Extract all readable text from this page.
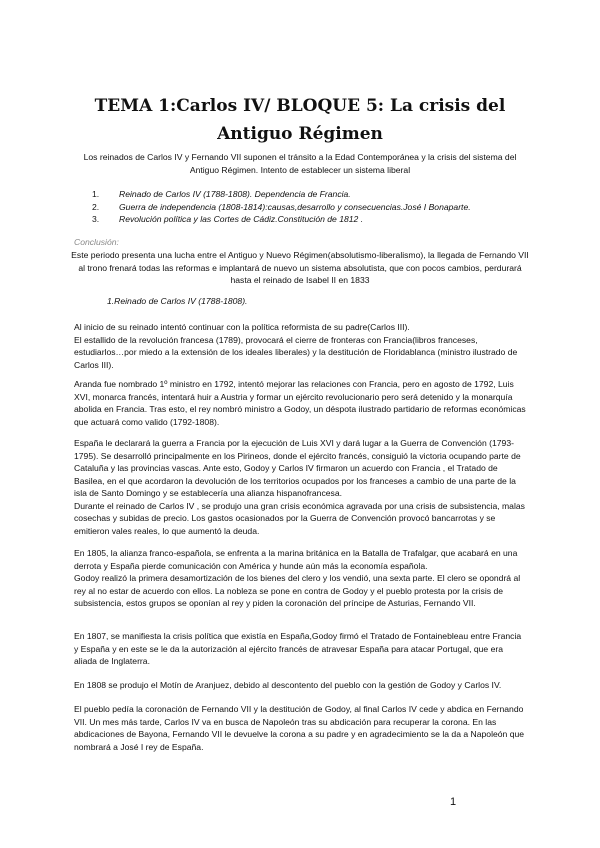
TEMA 1:Carlos IV/ BLOQUE 5: La crisis del Antiguo Régimen
Los reinados de Carlos IV y Fernando VII suponen el tránsito a la Edad Contemporánea y la crisis del sistema del Antiguo Régimen. Intento de establecer un sistema liberal
1. Reinado de Carlos IV (1788-1808). Dependencia de Francia.
2. Guerra de independencia (1808-1814):causas,desarrollo y consecuencias.José I Bonaparte.
3. Revolución política y las Cortes de Cádiz.Constitución de 1812 .
Conclusión:
Este periodo presenta una lucha entre el Antiguo y Nuevo Régimen(absolutismo-liberalismo), la llegada de Fernando VII al trono frenará todas las reformas e implantará de nuevo un sistema absolutista, que con pocos cambios, perdurará hasta el reinado de Isabel II en 1833
1.Reinado de Carlos IV (1788-1808).
Al inicio de su reinado intentó continuar con la política reformista de su padre(Carlos III).
El estallido de la revolución francesa (1789), provocará el cierre de fronteras con Francia(libros franceses, estudiarlos…por miedo a la extensión de los ideales liberales) y la destitución de Floridablanca (ministro ilustrado de Carlos III).
Aranda fue nombrado 1º ministro en 1792, intentó mejorar las relaciones con Francia, pero en agosto de 1792, Luis XVI, monarca francés, intentará huir a Austria y formar un ejército revolucionario pero será detenido y la monarquía abolida en Francia. Tras esto, el rey nombró ministro a Godoy, un déspota ilustrado partidario de reformas económicas que actuará como valido (1792-1808).
España le declarará la guerra a Francia por la ejecución de Luis XVI y dará lugar a la Guerra de Convención (1793-1795). Se desarrolló principalmente en los Pirineos, donde el ejército francés, consiguió la victoria ocupando parte de Cataluña y las provincias vascas. Ante esto, Godoy y Carlos IV firmaron un acuerdo con Francia , el Tratado de Basilea, en el que acordaron la devolución de los territorios ocupados por los franceses a cambio de una parte de la isla de Santo Domingo y se estableceríа una alianza hispanofrancesa.
Durante el reinado de Carlos IV , se produjo una gran crisis económica agravada por una crisis de subsistencia, malas cosechas y subidas de precio. Los gastos ocasionados por la Guerra de Convención provocó bancarrotas y se emitieron vales reales, lo que aumentó la deuda.
En 1805, la alianza franco-española, se enfrenta a la marina británica en la Batalla de Trafalgar, que acabará en una derrota y España pierde comunicación con América y hunde aún más la economía española.
Godoy realizó la primera desamortización de los bienes del clero y los vendió, una sexta parte. El clero se opondrá al rey al no estar de acuerdo con ellos. La nobleza se pone en contra de Godoy y el pueblo protesta por la crisis de subsistencia, estos grupos se oponían al rey y piden la coronación del príncipe de Asturias, Fernando VII.
En 1807, se manifiesta la crisis política que existía en España,Godoy firmó el Tratado de Fontainebleau entre Francia y España y en este se le da la autorización al ejército francés de atravesar España para atacar Portugal, que era aliada de Inglaterra.
En 1808 se produjo el Motín de Aranjuez, debido al descontento del pueblo con la gestión de Godoy y Carlos IV.
El pueblo pedía la coronación de Fernando VII y la destitución de Godoy, al final Carlos IV cede y abdica en Fernando VII. Un mes más tarde, Carlos IV va en busca de Napoleón tras su abdicación para recuperar la corona. En las abdicaciones de Bayona, Fernando VII le devuelve la corona a su padre y en agradecimiento se la da a Napoleón que nombrará a José I rey de España.
1
